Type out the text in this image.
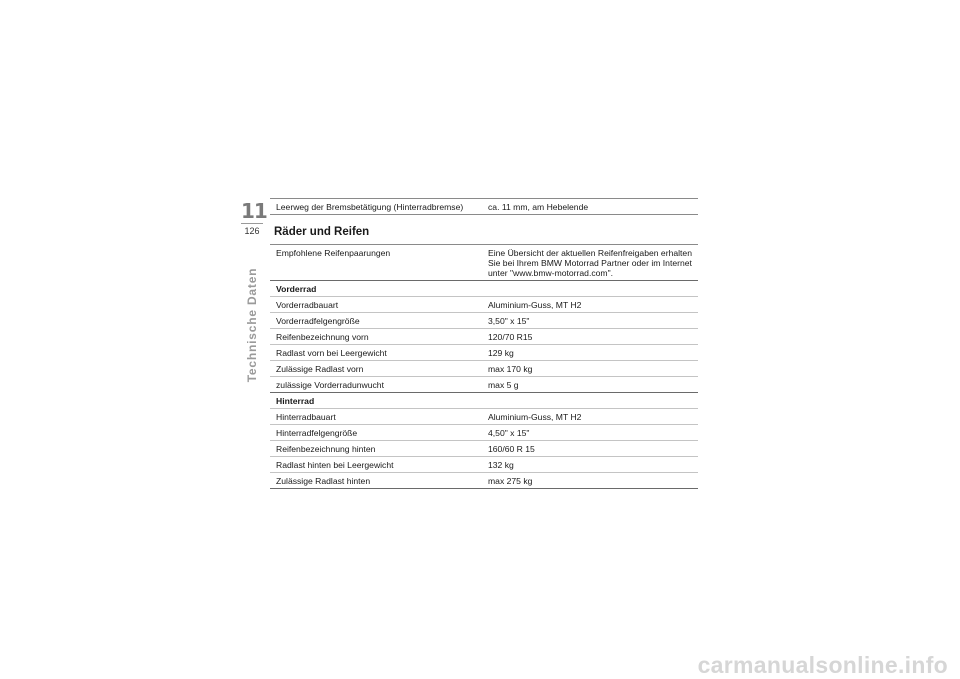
11
126
Technische Daten
Leerweg der Bremsbetätigung (Hinterradbremse)	ca. 11 mm, am Hebelende
Räder und Reifen
Empfohlene Reifenpaarungen	Eine Übersicht der aktuellen Reifenfreigaben erhalten Sie bei Ihrem BMW Motorrad Partner oder im Internet unter "www.bmw-motorrad.com".
Vorderrad
Vorderradbauart	Aluminium-Guss, MT H2
Vorderradfelgengröße	3,50" x 15"
Reifenbezeichnung vorn	120/70 R15
Radlast vorn bei Leergewicht	129 kg
Zulässige Radlast vorn	max 170 kg
zulässige Vorderradunwucht	max 5 g
Hinterrad
Hinterradbauart	Aluminium-Guss, MT H2
Hinterradfelgengröße	4,50" x 15"
Reifenbezeichnung hinten	160/60 R 15
Radlast hinten bei Leergewicht	132 kg
Zulässige Radlast hinten	max 275 kg
carmanualsonline.info
